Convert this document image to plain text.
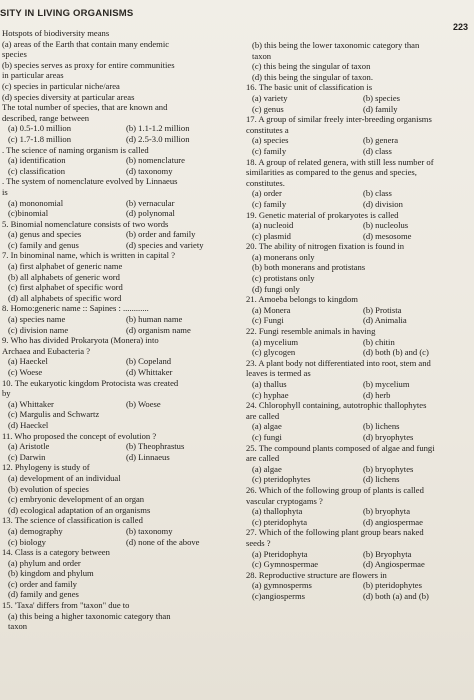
SITY IN LIVING ORGANISMS
223
Hotspots of biodiversity means
(a) areas of the Earth that contain many endemic
species
(b) species serves as proxy for entire communities
in particular areas
(c) species in particular niche/area
(d) species diversity at particular areas
The total number of species, that are known and
described, range between
(a) 0.5-1.0 million	(b) 1.1-1.2 million
(c) 1.7-1.8 million	(d) 2.5-3.0 million
. The science of naming organism is called
(a) identification	(b) nomenclature
(c) classification	(d) taxonomy
. The system of nomenclature evolved by Linnaeus
is
(a) mononomial	(b) vernacular
(c)binomial	(d) polynomal
5. Binomial nomenclature consists of two words
(a) genus and species	(b) order and family
(c) family and genus	(d) species and variety
7. In binominal name, which is written in capital ?
(a) first alphabet of generic name
(b) all alphabets of generic word
(c) first alphabet of specific word
(d) all alphabets of specific word
8. Homo:generic name :: Sapines : ............
(a) species name	(b) human name
(c) division name	(d) organism name
9. Who has divided Prokaryota (Monera) into
Archaea and Eubacteria ?
(a) Haeckel	(b) Copeland
(c) Woese	(d) Whittaker
10. The eukaryotic kingdom Protocista was created
by
(a) Whittaker	(b) Woese
(c) Margulis and Schwartz
(d) Haeckel
11. Who proposed the concept of evolution ?
(a) Aristotle	(b) Theophrastus
(c) Darwin	(d) Linnaeus
12. Phylogeny is study of
(a) development of an individual
(b) evolution of species
(c) embryonic development of an organ
(d) ecological adaptation of an organisms
13. The science of classification is called
(a) demography	(b) taxonomy
(c) biology	(d) none of the above
14. Class is a category between
(a) phylum and order
(b) kingdom and phylum
(c) order and family
(d) family and genes
15. 'Taxa' differs from "taxon" due to
(a) this being a higher taxonomic category than
taxon
(b) this being the lower taxonomic category than
taxon
(c) this being the singular of taxon
(d) this being the singular of taxon.
16. The basic unit of classification is
(a) variety	(b) species
(c) genus	(d) family
17. A group of similar freely inter-breeding organisms
constitutes a
(a) species	(b) genera
(c) family	(d) class
18. A group of related genera, with still less number of
similarities as compared to the genus and species,
constitutes.
(a) order	(b) class
(c) family	(d) division
19. Genetic material of prokaryotes is called
(a) nucleoid	(b) nucleolus
(c) plasmid	(d) mesosome
20. The ability of nitrogen fixation is found in
(a) monerans only
(b) both monerans and protistans
(c) protistans only
(d) fungi only
21. Amoeba belongs to kingdom
(a) Monera	(b) Protista
(c) Fungi	(d) Animalia
22. Fungi resemble animals in having
(a) mycelium	(b) chitin
(c) glycogen	(d) both (b) and (c)
23. A plant body not differentiated into root, stem and
leaves is termed as
(a) thallus	(b) mycelium
(c) hyphae	(d) herb
24. Chlorophyll containing, autotrophic thallophytes
are called
(a) algae	(b) lichens
(c) fungi	(d) bryophytes
25. The compound plants composed of algae and fungi
are called
(a) algae	(b) bryophytes
(c) pteridophytes	(d) lichens
26. Which of the following group of plants is called
vascular cryptogams ?
(a) thallophyta	(b) bryophyta
(c) pteridophyta	(d) angiospermae
27. Which of the following plant group bears naked
seeds ?
(a) Pteridophyta	(b) Bryophyta
(c) Gymnospermae	(d) Angiospermae
28. Reproductive structure are flowers in
(a) gymnosperms	(b) pteridophytes
(c)angiosperms	(d) both (a) and (b)
